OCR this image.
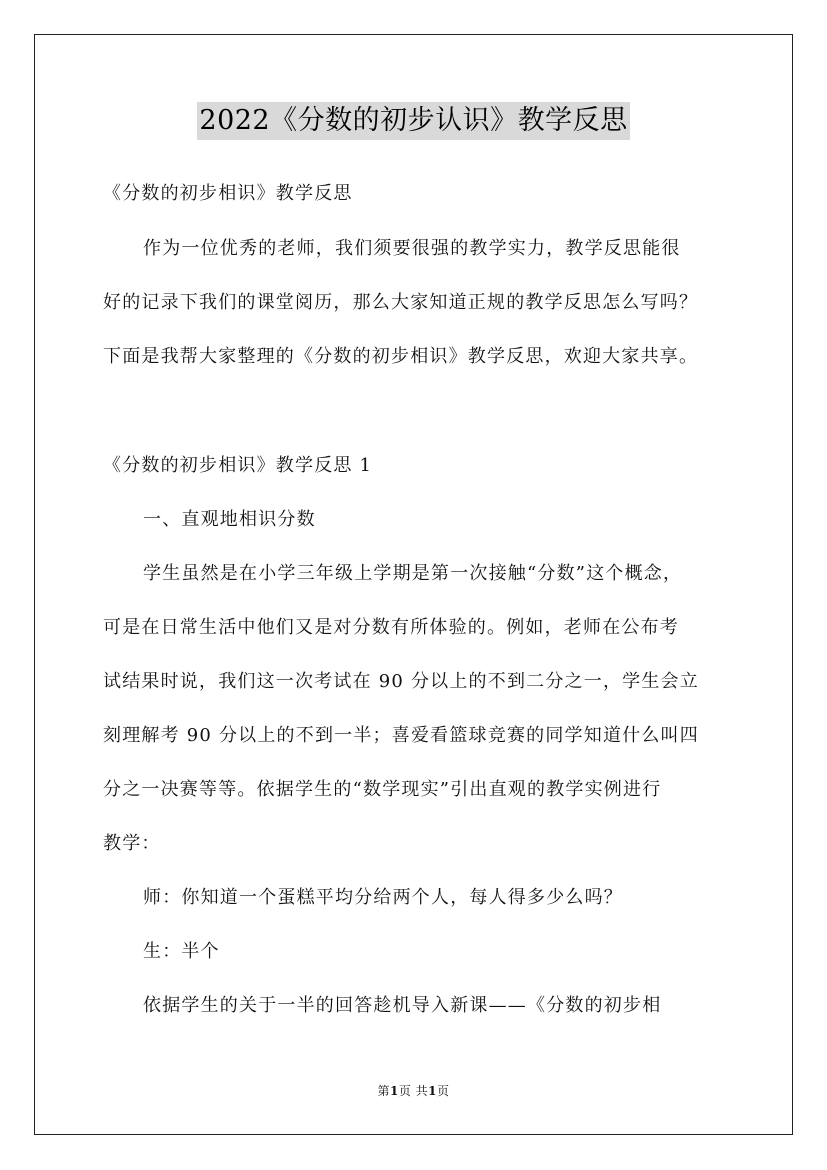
2022《分数的初步认识》教学反思
《分数的初步相识》教学反思
作为一位优秀的老师，我们须要很强的教学实力，教学反思能很
好的记录下我们的课堂阅历，那么大家知道正规的教学反思怎么写吗？
下面是我帮大家整理的《分数的初步相识》教学反思，欢迎大家共享。
《分数的初步相识》教学反思 1
一、直观地相识分数
学生虽然是在小学三年级上学期是第一次接触“分数”这个概念，
可是在日常生活中他们又是对分数有所体验的。例如，老师在公布考
试结果时说，我们这一次考试在 90 分以上的不到二分之一，学生会立
刻理解考 90 分以上的不到一半；喜爱看篮球竞赛的同学知道什么叫四
分之一决赛等等。依据学生的“数学现实”引出直观的教学实例进行
教学：
师：你知道一个蛋糕平均分给两个人，每人得多少么吗？
生：半个
依据学生的关于一半的回答趁机导入新课——《分数的初步相
第1页 共1页
